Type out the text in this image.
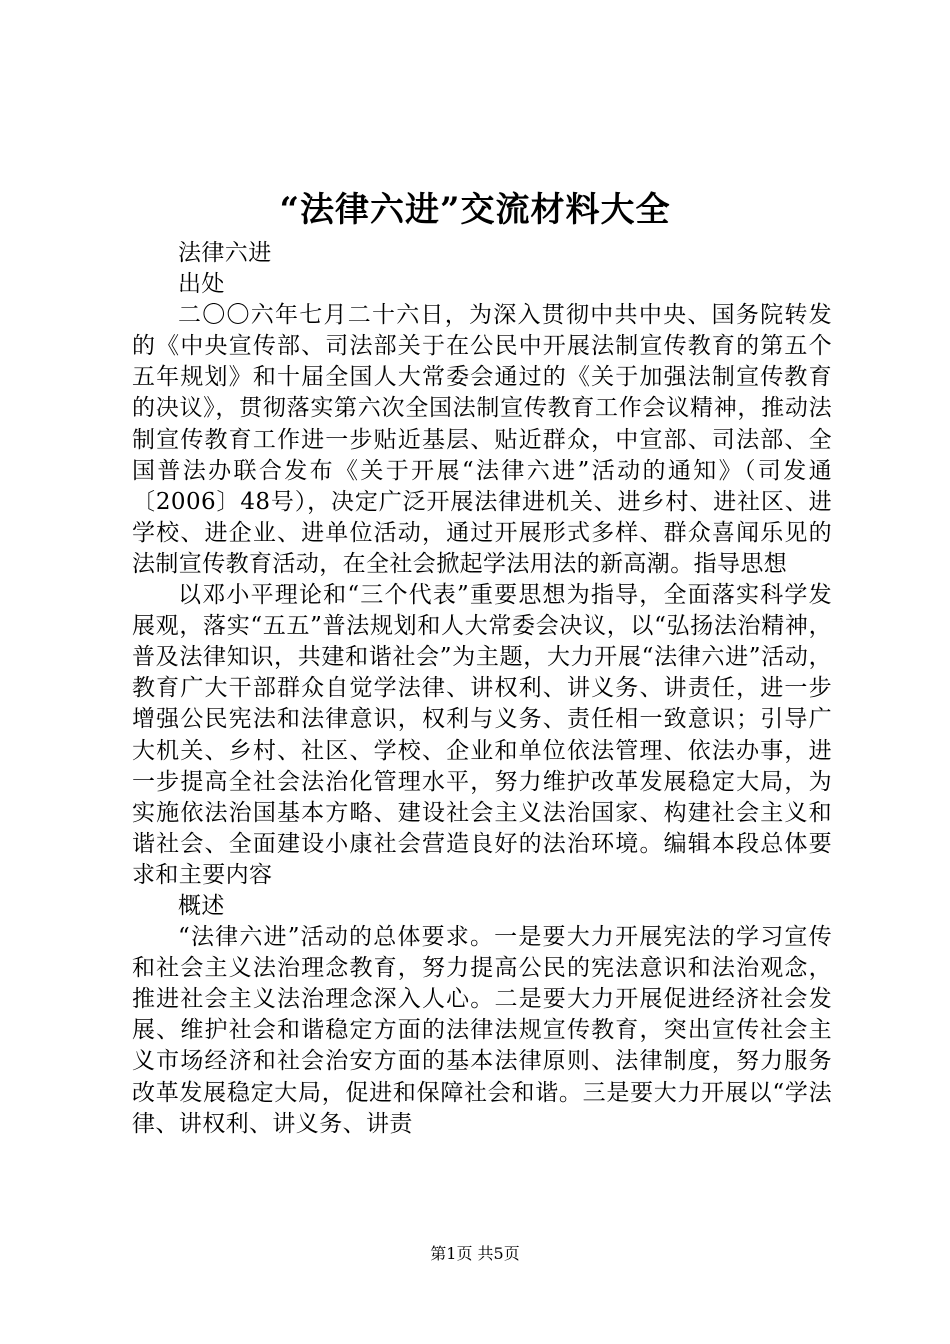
“法律六进”交流材料大全

法律六进

出处

二〇〇六年七月二十六日，为深入贯彻中共中央、国务院转发的《中央宣传部、司法部关于在公民中开展法制宣传教育的第五个五年规划》和十届全国人大常委会通过的《关于加强法制宣传教育的决议》，贯彻落实第六次全国法制宣传教育工作会议精神，推动法制宣传教育工作进一步贴近基层、贴近群众，中宣部、司法部、全国普法办联合发布《关于开展“法律六进”活动的通知》（司发通〔2006〕48号），决定广泛开展法律进机关、进乡村、进社区、进学校、进企业、进单位活动，通过开展形式多样、群众喜闻乐见的法制宣传教育活动，在全社会掀起学法用法的新高潮。指导思想

以邓小平理论和“三个代表”重要思想为指导，全面落实科学发展观，落实“五五”普法规划和人大常委会决议，以“弘扬法治精神，普及法律知识，共建和谐社会”为主题，大力开展“法律六进”活动，教育广大干部群众自觉学法律、讲权利、讲义务、讲责任，进一步增强公民宪法和法律意识，权利与义务、责任相一致意识；引导广大机关、乡村、社区、学校、企业和单位依法管理、依法办事，进一步提高全社会法治化管理水平，努力维护改革发展稳定大局，为实施依法治国基本方略、建设社会主义法治国家、构建社会主义和谐社会、全面建设小康社会营造良好的法治环境。编辑本段总体要求和主要内容

概述

“法律六进”活动的总体要求。一是要大力开展宪法的学习宣传和社会主义法治理念教育，努力提高公民的宪法意识和法治观念，推进社会主义法治理念深入人心。二是要大力开展促进经济社会发展、维护社会和谐稳定方面的法律法规宣传教育，突出宣传社会主义市场经济和社会治安方面的基本法律原则、法律制度，努力服务改革发展稳定大局，促进和保障社会和谐。三是要大力开展以“学法律、讲权利、讲义务、讲责

第1页 共5页
